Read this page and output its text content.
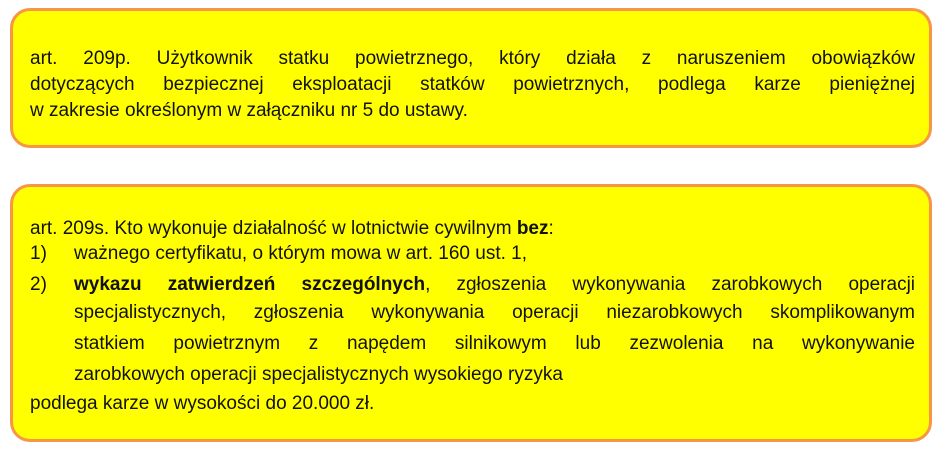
art. 209p. Użytkownik statku powietrznego, który działa z naruszeniem obowiązków
dotyczących bezpiecznej eksploatacji statków powietrznych, podlega karze pieniężnej
w zakresie określonym w załączniku nr 5 do ustawy.
art. 209s. Kto wykonuje działalność w lotnictwie cywilnym bez:
1) ważnego certyfikatu, o którym mowa w art. 160 ust. 1,
2) wykazu zatwierdzeń szczególnych, zgłoszenia wykonywania zarobkowych operacji
specjalistycznych, zgłoszenia wykonywania operacji niezarobkowych skomplikowanym
statkiem powietrznym z napędem silnikowym lub zezwolenia na wykonywanie
zarobkowych operacji specjalistycznych wysokiego ryzyka
podlega karze w wysokości do 20.000 zł.
